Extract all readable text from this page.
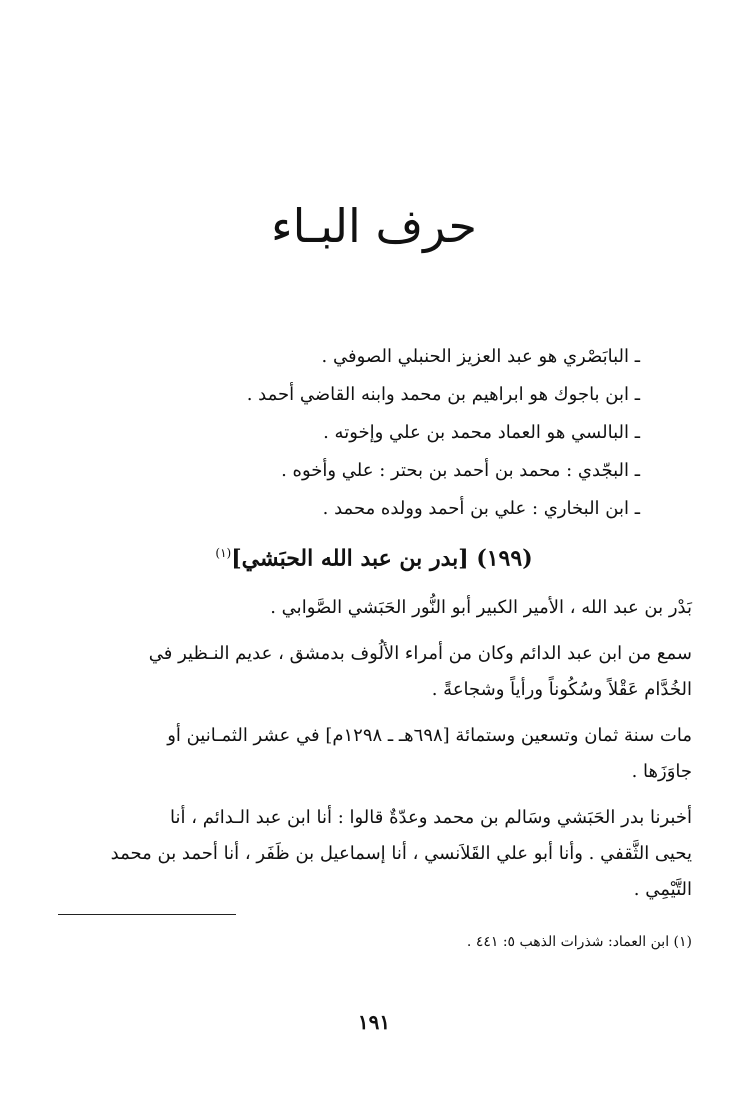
حرف البـاء
ـ البابَصْري هو عبد العزيز الحنبلي الصوفي .
ـ ابن باجوك هو ابراهيم بن محمد وابنه القاضي أحمد .
ـ البالسي هو العماد محمد بن علي وإخوته .
ـ البجّدي : محمد بن أحمد بن بحتر : علي وأخوه .
ـ ابن البخاري : علي بن أحمد وولده محمد .
(١٩٩) [بدر بن عبد الله الحبَشي]$^{(١)}$

بَدْر بن عبد الله ، الأمير الكبير أبو النُّور الحَبَشي الصَّوابي .

سمع من ابن عبد الدائم وكان من أمراء الألُوف بدمشق ، عديم النـظير في
الخُدَّام عَقْلاً وسُكُوناً ورأياً وشجاعةً .

مات سنة ثمان وتسعين وستمائة [٦٩٨هـ ـ ١٢٩٨م] في عشر الثمـانين أو
جاوَزَها .

أخبرنا بدر الحَبَشي وسَالم بن محمد وعدّةٌ قالوا : أنا ابن عبد الـدائم ، أنا
يحيى الثَّقفي . وأنا أبو علي القَلاَنسي ، أنا إسماعيل بن ظَفَر ، أنا أحمد بن محمد
التَّيْمِي .

(١) ابن العماد: شذرات الذهب ٥: ٤٤١ .
١٩١
